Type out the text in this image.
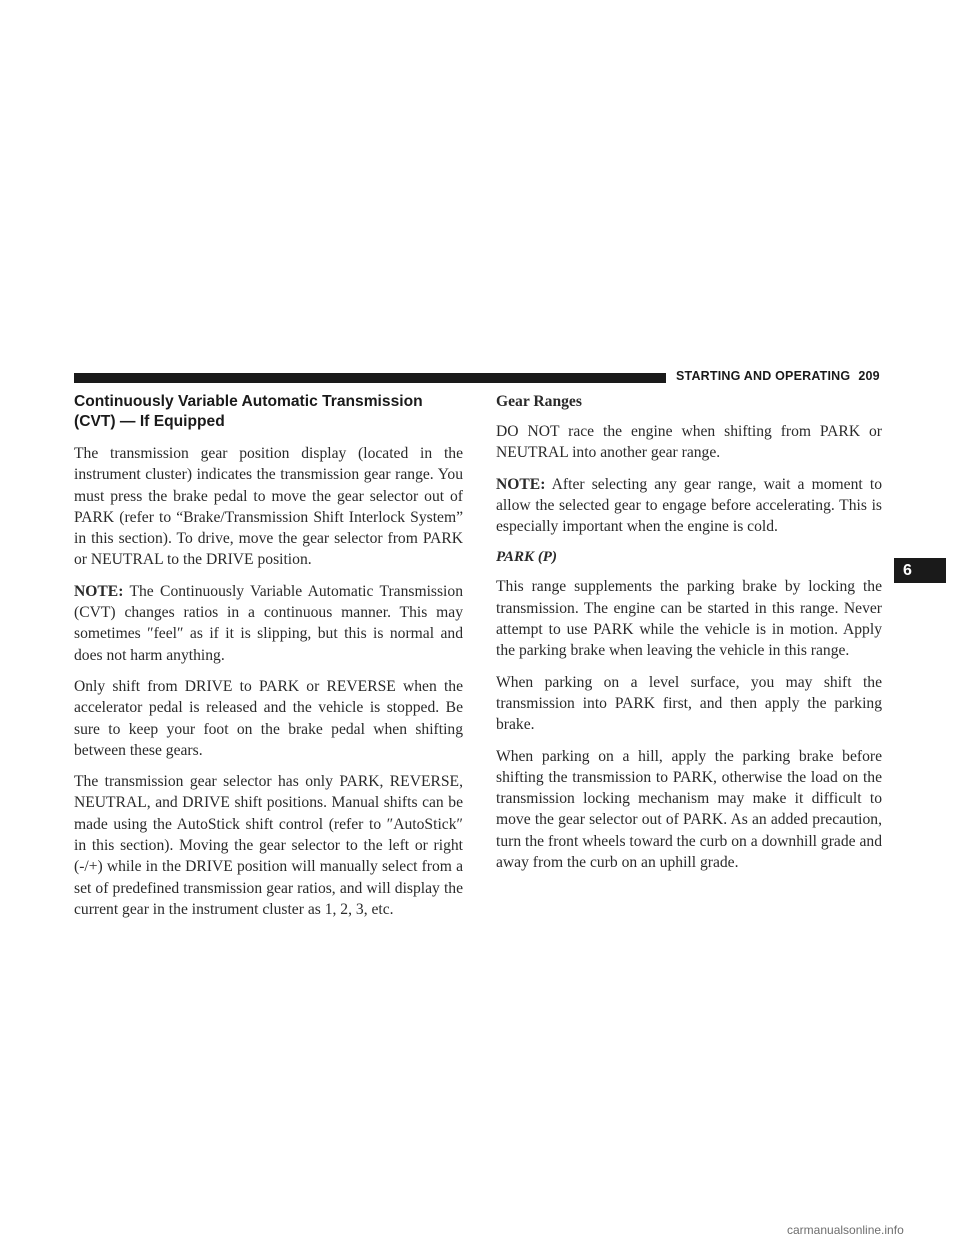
STARTING AND OPERATING 209
Continuously Variable Automatic Transmission
(CVT) — If Equipped

The transmission gear position display (located in the instrument cluster) indicates the transmission gear range. You must press the brake pedal to move the gear selector out of PARK (refer to “Brake/Transmission Shift Interlock System” in this section). To drive, move the gear selector from PARK or NEUTRAL to the DRIVE position.

NOTE: The Continuously Variable Automatic Transmission (CVT) changes ratios in a continuous manner. This may sometimes ″feel″ as if it is slipping, but this is normal and does not harm anything.

Only shift from DRIVE to PARK or REVERSE when the accelerator pedal is released and the vehicle is stopped. Be sure to keep your foot on the brake pedal when shifting between these gears.

The transmission gear selector has only PARK, REVERSE, NEUTRAL, and DRIVE shift positions. Manual shifts can be made using the AutoStick shift control (refer to ″AutoStick″ in this section). Moving the gear selector to the left or right (-/+) while in the DRIVE position will manually select from a set of predefined transmission gear ratios, and will display the current gear in the instrument cluster as 1, 2, 3, etc.

Gear Ranges

DO NOT race the engine when shifting from PARK or NEUTRAL into another gear range.

NOTE: After selecting any gear range, wait a moment to allow the selected gear to engage before accelerating. This is especially important when the engine is cold.

PARK (P)

This range supplements the parking brake by locking the transmission. The engine can be started in this range. Never attempt to use PARK while the vehicle is in motion. Apply the parking brake when leaving the vehicle in this range.

When parking on a level surface, you may shift the transmission into PARK first, and then apply the parking brake.

When parking on a hill, apply the parking brake before shifting the transmission to PARK, otherwise the load on the transmission locking mechanism may make it difficult to move the gear selector out of PARK. As an added precaution, turn the front wheels toward the curb on a downhill grade and away from the curb on an uphill grade.

6
carmanualsonline.info
